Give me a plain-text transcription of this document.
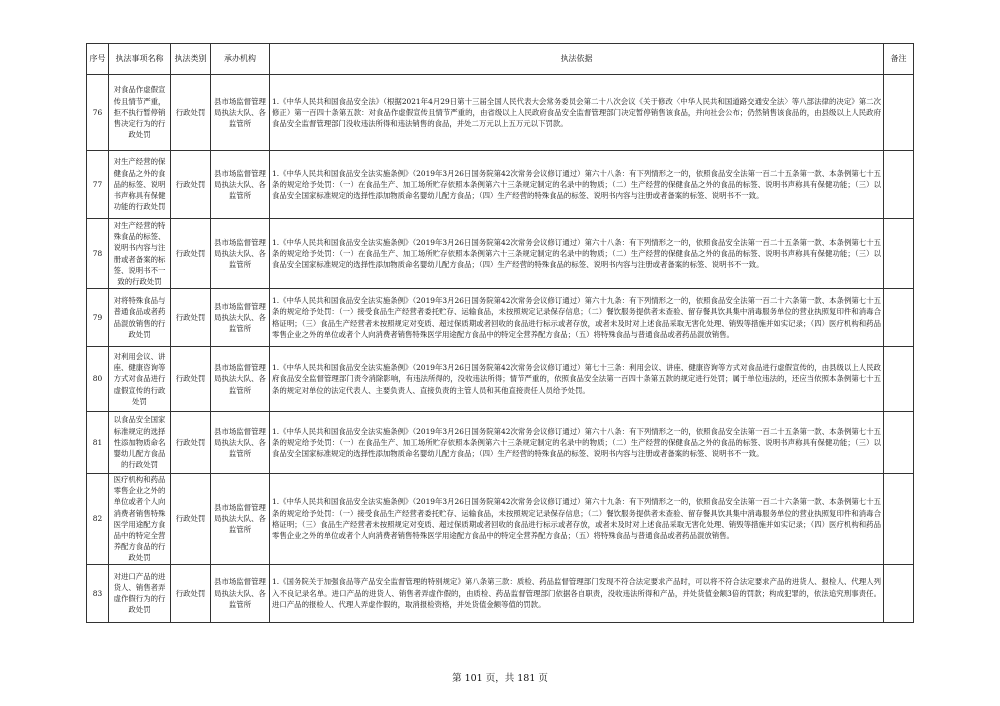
序号	执法事项名称	执法类别	承办机构	执法依据	备注
76	对食品作虚假宣传且情节严重，拒不执行暂停销售决定行为的行政处罚	行政处罚	县市场监督管理局执法大队、各监管所	1.《中华人民共和国食品安全法》（根据2021年4月29日第十三届全国人民代表大会常务委员会第二十八次会议《关于修改〈中华人民共和国道路交通安全法〉等八部法律的决定》第二次修正）第一百四十条第五款：对食品作虚假宣传且情节严重的，由省级以上人民政府食品安全监督管理部门决定暂停销售该食品，并向社会公布；仍然销售该食品的，由县级以上人民政府食品安全监督管理部门没收违法所得和违法销售的食品，并处二万元以上五万元以下罚款。	
77	对生产经营的保健食品之外的食品的标签、说明书声称具有保健功能的行政处罚	行政处罚	县市场监督管理局执法大队、各监管所	1.《中华人民共和国食品安全法实施条例》（2019年3月26日国务院第42次常务会议修订通过）第六十八条：有下列情形之一的，依照食品安全法第一百二十五条第一款、本条例第七十五条的规定给予处罚：（一）在食品生产、加工场所贮存依照本条例第六十三条规定制定的名录中的物质；（二）生产经营的保健食品之外的食品的标签、说明书声称具有保健功能；（三）以食品安全国家标准规定的选择性添加物质命名婴幼儿配方食品；（四）生产经营的特殊食品的标签、说明书内容与注册或者备案的标签、说明书不一致。	
78	对生产经营的特殊食品的标签、说明书内容与注册或者备案的标签、说明书不一致的行政处罚	行政处罚	县市场监督管理局执法大队、各监管所	1.《中华人民共和国食品安全法实施条例》（2019年3月26日国务院第42次常务会议修订通过）第六十八条：有下列情形之一的，依照食品安全法第一百二十五条第一款、本条例第七十五条的规定给予处罚：（一）在食品生产、加工场所贮存依照本条例第六十三条规定制定的名录中的物质；（二）生产经营的保健食品之外的食品的标签、说明书声称具有保健功能；（三）以食品安全国家标准规定的选择性添加物质命名婴幼儿配方食品；（四）生产经营的特殊食品的标签、说明书内容与注册或者备案的标签、说明书不一致。	
79	对将特殊食品与普通食品或者药品混放销售的行政处罚	行政处罚	县市场监督管理局执法大队、各监管所	1.《中华人民共和国食品安全法实施条例》（2019年3月26日国务院第42次常务会议修订通过）第六十九条：有下列情形之一的，依照食品安全法第一百二十六条第一款、本条例第七十五条的规定给予处罚：（一）接受食品生产经营者委托贮存、运输食品，未按照规定记录保存信息；（二）餐饮服务提供者未查验、留存餐具饮具集中消毒服务单位的营业执照复印件和消毒合格证明；（三）食品生产经营者未按照规定对变质、超过保质期或者回收的食品进行标示或者存放，或者未及时对上述食品采取无害化处理、销毁等措施并如实记录；（四）医疗机构和药品零售企业之外的单位或者个人向消费者销售特殊医学用途配方食品中的特定全营养配方食品；（五）将特殊食品与普通食品或者药品混放销售。	
80	对利用会议、讲座、健康咨询等方式对食品进行虚假宣传的行政处罚	行政处罚	县市场监督管理局执法大队、各监管所	1.《中华人民共和国食品安全法实施条例》（2019年3月26日国务院第42次常务会议修订通过）第七十三条：利用会议、讲座、健康咨询等方式对食品进行虚假宣传的，由县级以上人民政府食品安全监督管理部门责令消除影响，有违法所得的，没收违法所得；情节严重的，依照食品安全法第一百四十条第五款的规定进行处罚；属于单位违法的，还应当依照本条例第七十五条的规定对单位的法定代表人、主要负责人、直接负责的主管人员和其他直接责任人员给予处罚。	
81	以食品安全国家标准规定的选择性添加物质命名婴幼儿配方食品的行政处罚	行政处罚	县市场监督管理局执法大队、各监管所	1.《中华人民共和国食品安全法实施条例》（2019年3月26日国务院第42次常务会议修订通过）第六十八条：有下列情形之一的，依照食品安全法第一百二十五条第一款、本条例第七十五条的规定给予处罚：（一）在食品生产、加工场所贮存依照本条例第六十三条规定制定的名录中的物质；（二）生产经营的保健食品之外的食品的标签、说明书声称具有保健功能；（三）以食品安全国家标准规定的选择性添加物质命名婴幼儿配方食品；（四）生产经营的特殊食品的标签、说明书内容与注册或者备案的标签、说明书不一致。	
82	医疗机构和药品零售企业之外的单位或者个人向消费者销售特殊医学用途配方食品中的特定全营养配方食品的行政处罚	行政处罚	县市场监督管理局执法大队、各监管所	1.《中华人民共和国食品安全法实施条例》（2019年3月26日国务院第42次常务会议修订通过）第六十九条：有下列情形之一的，依照食品安全法第一百二十六条第一款、本条例第七十五条的规定给予处罚：（一）接受食品生产经营者委托贮存、运输食品，未按照规定记录保存信息；（二）餐饮服务提供者未查验、留存餐具饮具集中消毒服务单位的营业执照复印件和消毒合格证明；（三）食品生产经营者未按照规定对变质、超过保质期或者回收的食品进行标示或者存放，或者未及时对上述食品采取无害化处理、销毁等措施并如实记录；（四）医疗机构和药品零售企业之外的单位或者个人向消费者销售特殊医学用途配方食品中的特定全营养配方食品；（五）将特殊食品与普通食品或者药品混放销售。	
83	对进口产品的进货人、销售者弄虚作假行为的行政处罚	行政处罚	县市场监督管理局执法大队、各监管所	1.《国务院关于加强食品等产品安全监督管理的特别规定》第八条第三款：质检、药品监督管理部门发现不符合法定要求产品时，可以将不符合法定要求产品的进货人、报检人、代理人列入不良记录名单。进口产品的进货人、销售者弄虚作假的，由质检、药品监督管理部门依据各自职责，没收违法所得和产品，并处货值金额3倍的罚款；构成犯罪的，依法追究刑事责任。进口产品的报检人、代理人弄虚作假的，取消报检资格，并处货值金额等值的罚款。	
第 101 页，共 181 页
